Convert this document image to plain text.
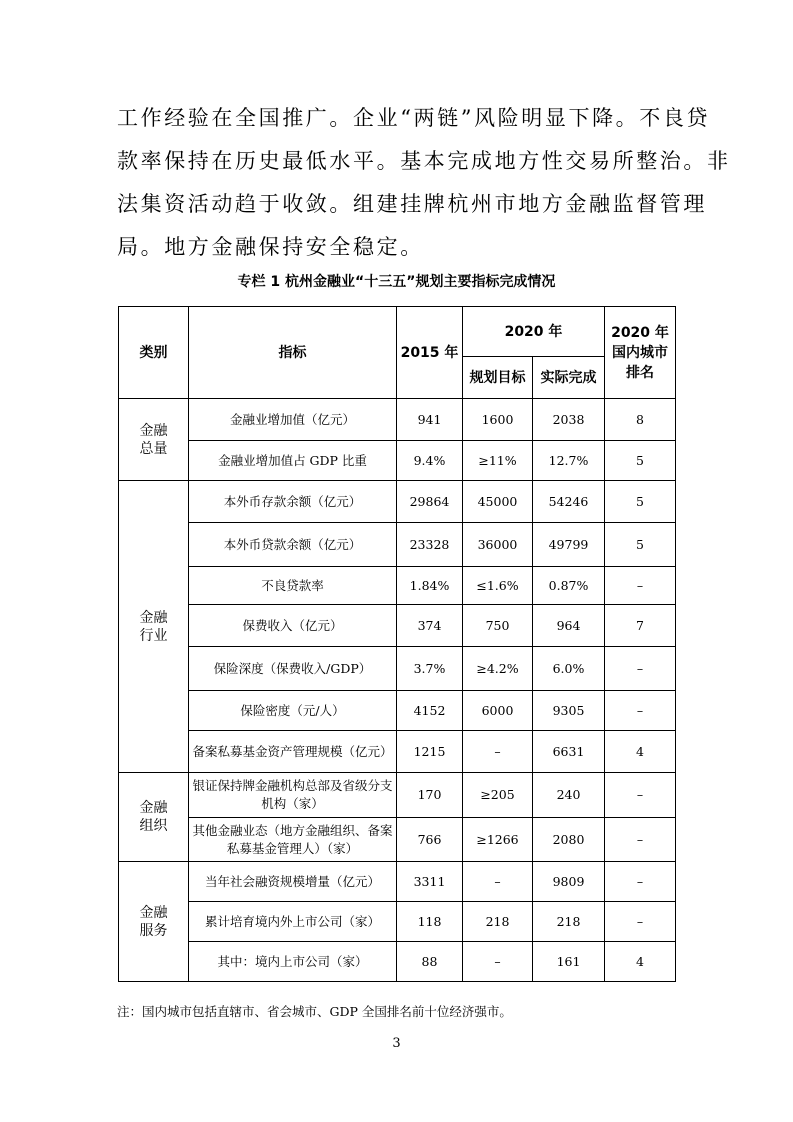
工作经验在全国推广。企业“两链”风险明显下降。不良贷
款率保持在历史最低水平。基本完成地方性交易所整治。非
法集资活动趋于收敛。组建挂牌杭州市地方金融监督管理
局。地方金融保持安全稳定。
专栏 1 杭州金融业“十三五”规划主要指标完成情况
类别	指标	2015 年	2020 年		2020 年国内城市排名
			规划目标	实际完成	

金融
总量	金融业增加值（亿元）	941	1600	2038	8
	金融业增加值占 GDP 比重	9.4%	≥11%	12.7%	5

金融
行业	本外币存款余额（亿元）	29864	45000	54246	5
	本外币贷款余额（亿元）	23328	36000	49799	5
	不良贷款率	1.84%	≤1.6%	0.87%	–
	保费收入（亿元）	374	750	964	7
	保险深度（保费收入/GDP）	3.7%	≥4.2%	6.0%	–
	保险密度（元/人）	4152	6000	9305	–
	备案私募基金资产管理规模（亿元）	1215	–	6631	4

金融
组织	银证保持牌金融机构总部及省级分支机构（家）	170	≥205	240	–
	其他金融业态（地方金融组织、备案私募基金管理人）（家）	766	≥1266	2080	–

金融
服务	当年社会融资规模增量（亿元）	3311	–	9809	–
	累计培育境内外上市公司（家）	118	218	218	–
	其中：境内上市公司（家）	88	–	161	4
注：国内城市包括直辖市、省会城市、GDP 全国排名前十位经济强市。
3
